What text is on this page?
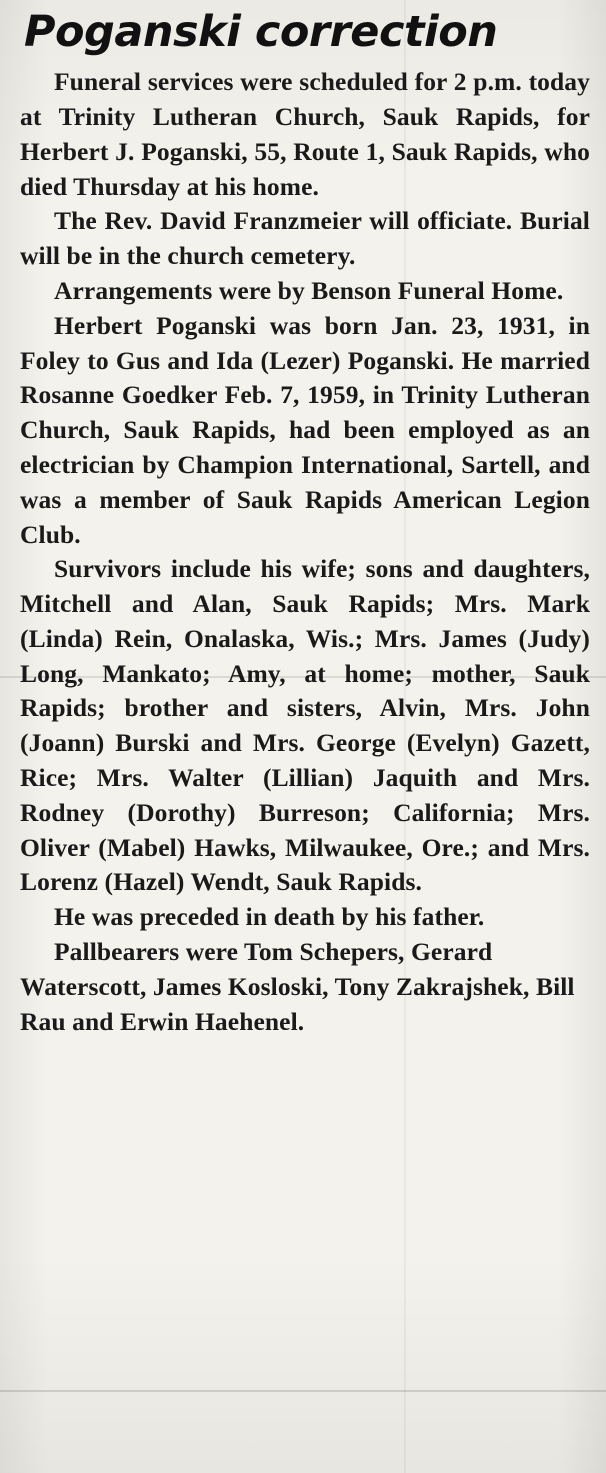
Poganski correction

Funeral services were scheduled for 2 p.m. today at Trinity Lutheran Church, Sauk Rapids, for Herbert J. Poganski, 55, Route 1, Sauk Rapids, who died Thursday at his home.

The Rev. David Franzmeier will officiate. Burial will be in the church cemetery.

Arrangements were by Benson Funeral Home.

Herbert Poganski was born Jan. 23, 1931, in Foley to Gus and Ida (Lezer) Poganski. He married Rosanne Goedker Feb. 7, 1959, in Trinity Lutheran Church, Sauk Rapids, had been employed as an electrician by Champion International, Sartell, and was a member of Sauk Rapids American Legion Club.

Survivors include his wife; sons and daughters, Mitchell and Alan, Sauk Rapids; Mrs. Mark (Linda) Rein, Onalaska, Wis.; Mrs. James (Judy) Long, Mankato; Amy, at home; mother, Sauk Rapids; brother and sisters, Alvin, Mrs. John (Joann) Burski and Mrs. George (Evelyn) Gazett, Rice; Mrs. Walter (Lillian) Jaquith and Mrs. Rodney (Dorothy) Burreson; California; Mrs. Oliver (Mabel) Hawks, Milwaukee, Ore.; and Mrs. Lorenz (Hazel) Wendt, Sauk Rapids.

He was preceded in death by his father.

Pallbearers were Tom Schepers, Gerard Waterscott, James Kosloski, Tony Zakrajshek, Bill Rau and Erwin Haehenel.
